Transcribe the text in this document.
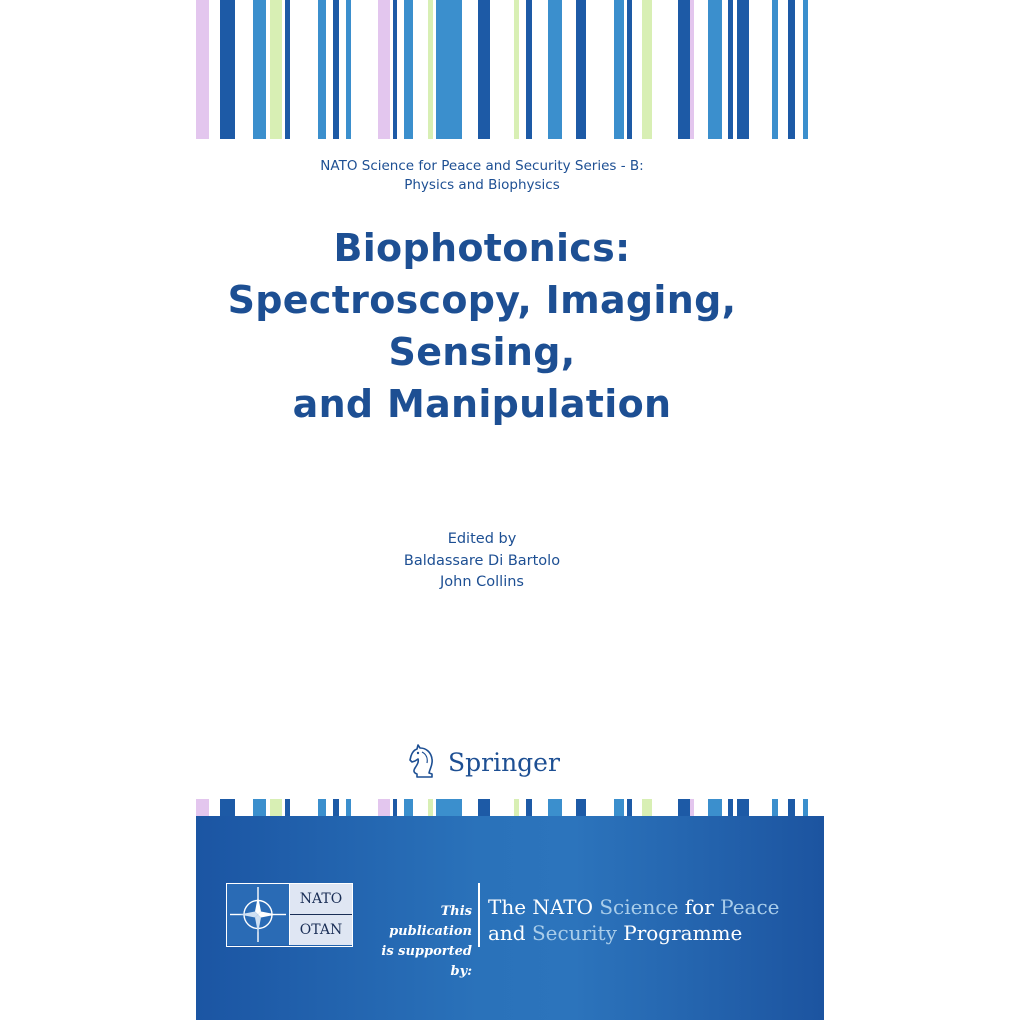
NATO Science for Peace and Security Series - B:
Physics and Biophysics
Biophotonics:
Spectroscopy, Imaging,
Sensing,
and Manipulation
Edited by
Baldassare Di Bartolo
John Collins
Springer
NATO
OTAN
This publication
is supported by:
The NATO Science for Peace
and Security Programme
